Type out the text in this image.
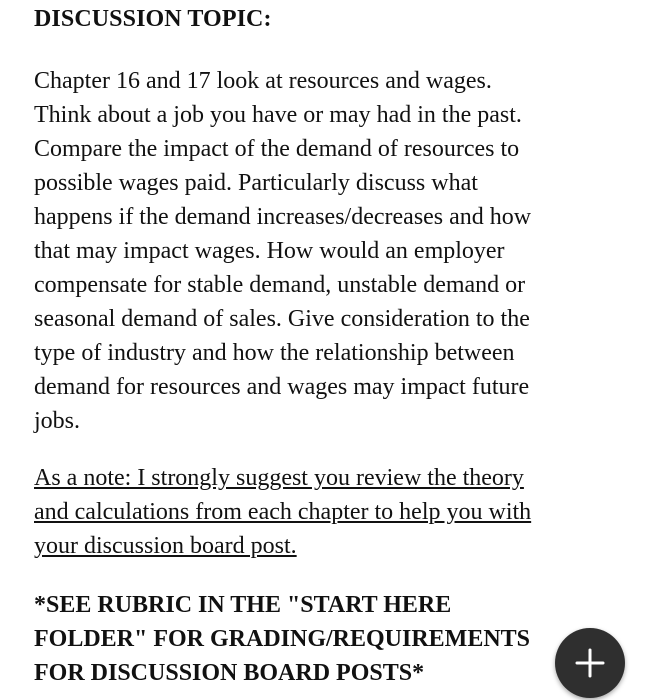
DISCUSSION TOPIC:

Chapter 16 and 17 look at resources and wages.
Think about a job you have or may had in the past.
Compare the impact of the demand of resources to
possible wages paid. Particularly discuss what
happens if the demand increases/decreases and how
that may impact wages. How would an employer
compensate for stable demand, unstable demand or
seasonal demand of sales. Give consideration to the
type of industry and how the relationship between
demand for resources and wages may impact future
jobs.

As a note: I strongly suggest you review the theory
and calculations from each chapter to help you with
your discussion board post.

*SEE RUBRIC IN THE "START HERE
FOLDER" FOR GRADING/REQUIREMENTS
FOR DISCUSSION BOARD POSTS*
